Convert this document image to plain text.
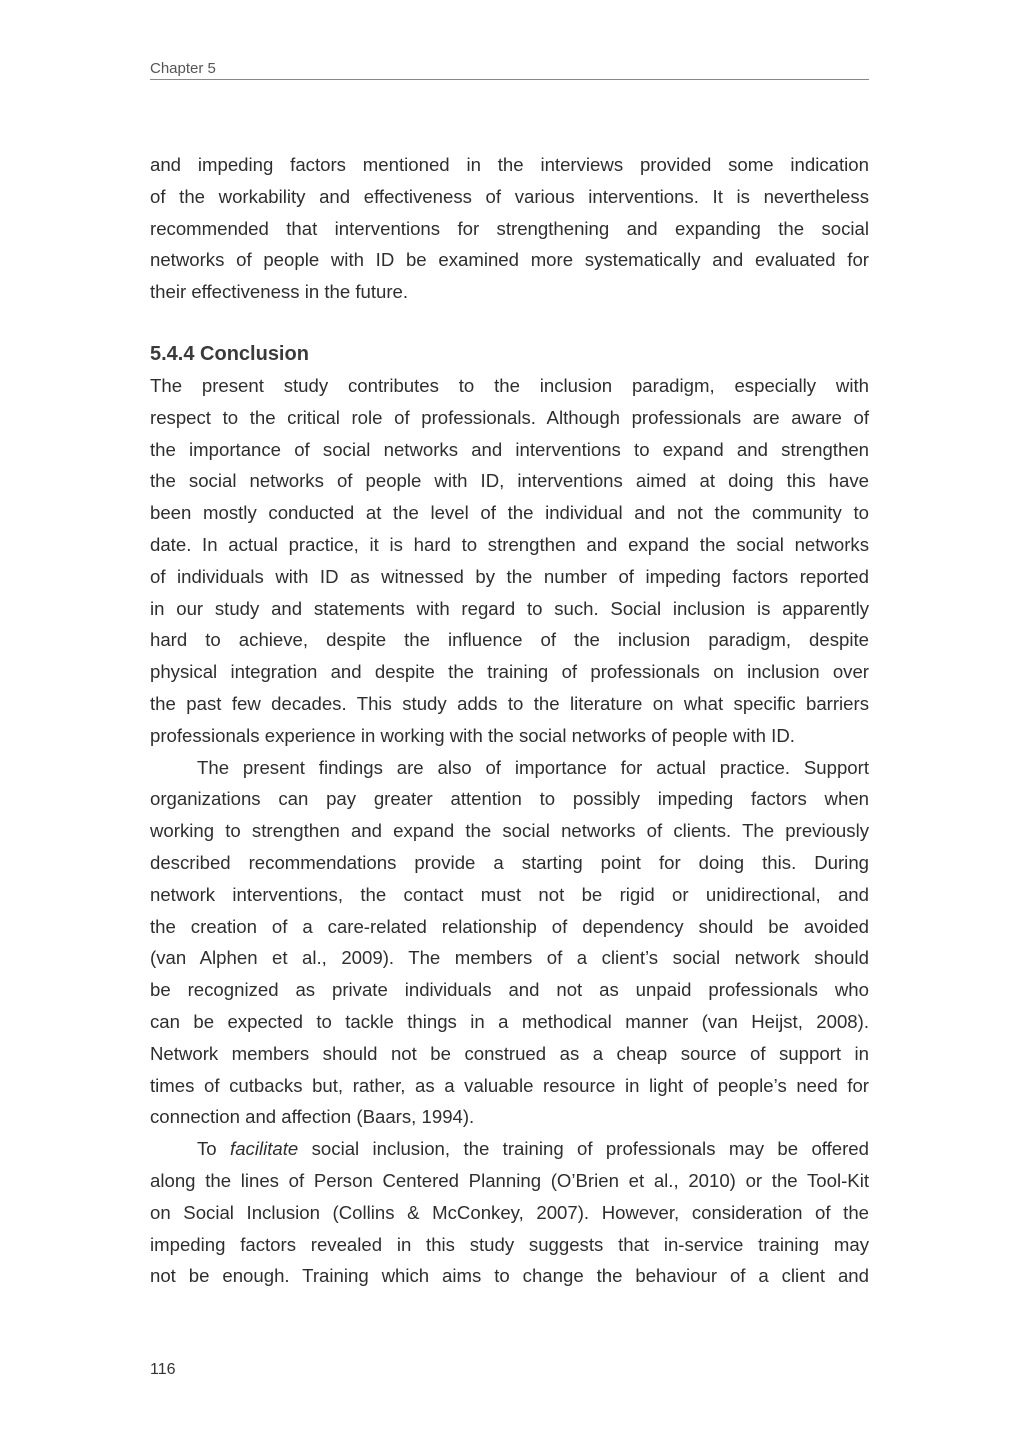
Chapter 5
and impeding factors mentioned in the interviews provided some indication
of the workability and effectiveness of various interventions. It is nevertheless
recommended that interventions for strengthening and expanding the social
networks of people with ID be examined more systematically and evaluated for
their effectiveness in the future.
5.4.4 Conclusion
The present study contributes to the inclusion paradigm, especially with
respect to the critical role of professionals. Although professionals are aware of
the importance of social networks and interventions to expand and strengthen
the social networks of people with ID, interventions aimed at doing this have
been mostly conducted at the level of the individual and not the community to
date. In actual practice, it is hard to strengthen and expand the social networks
of individuals with ID as witnessed by the number of impeding factors reported
in our study and statements with regard to such. Social inclusion is apparently
hard to achieve, despite the influence of the inclusion paradigm, despite
physical integration and despite the training of professionals on inclusion over
the past few decades. This study adds to the literature on what specific barriers
professionals experience in working with the social networks of people with ID.
The present findings are also of importance for actual practice. Support
organizations can pay greater attention to possibly impeding factors when
working to strengthen and expand the social networks of clients. The previously
described recommendations provide a starting point for doing this. During
network interventions, the contact must not be rigid or unidirectional, and
the creation of a care-related relationship of dependency should be avoided
(van Alphen et al., 2009). The members of a client’s social network should
be recognized as private individuals and not as unpaid professionals who
can be expected to tackle things in a methodical manner (van Heijst, 2008).
Network members should not be construed as a cheap source of support in
times of cutbacks but, rather, as a valuable resource in light of people’s need for
connection and affection (Baars, 1994).
To facilitate social inclusion, the training of professionals may be offered
along the lines of Person Centered Planning (O’Brien et al., 2010) or the Tool-Kit
on Social Inclusion (Collins & McConkey, 2007). However, consideration of the
impeding factors revealed in this study suggests that in-service training may
not be enough. Training which aims to change the behaviour of a client and
116
